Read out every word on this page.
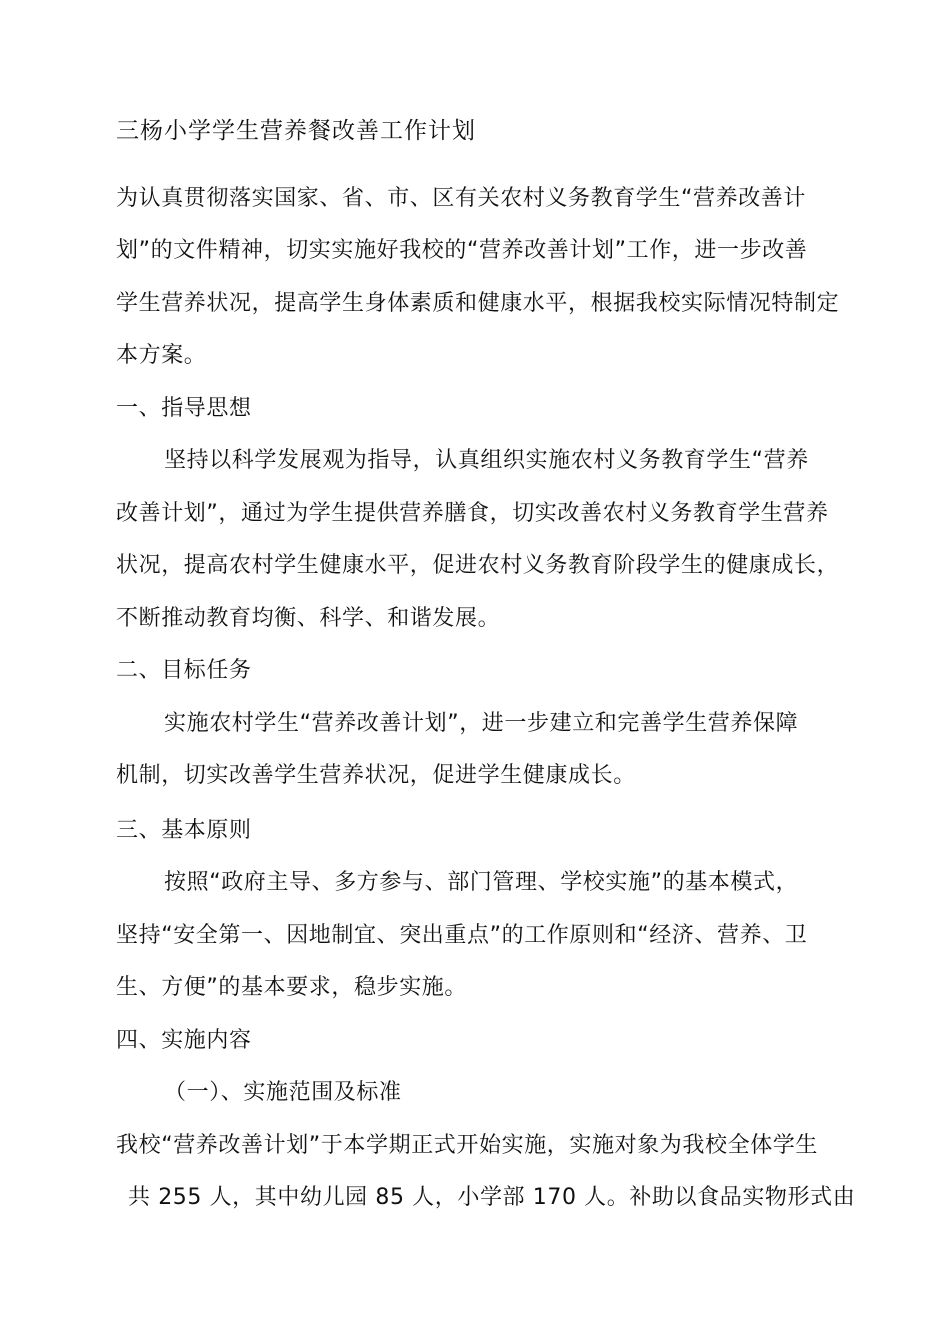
三杨小学学生营养餐改善工作计划
为认真贯彻落实国家、省、市、区有关农村义务教育学生“营养改善计
划”的文件精神，切实实施好我校的“营养改善计划”工作，进一步改善
学生营养状况，提高学生身体素质和健康水平，根据我校实际情况特制定
本方案。
一、指导思想
坚持以科学发展观为指导，认真组织实施农村义务教育学生“营养
改善计划”，通过为学生提供营养膳食，切实改善农村义务教育学生营养
状况，提高农村学生健康水平，促进农村义务教育阶段学生的健康成长，
不断推动教育均衡、科学、和谐发展。
二、目标任务
实施农村学生“营养改善计划”，进一步建立和完善学生营养保障
机制，切实改善学生营养状况，促进学生健康成长。
三、基本原则
按照“政府主导、多方参与、部门管理、学校实施”的基本模式，
坚持“安全第一、因地制宜、突出重点”的工作原则和“经济、营养、卫
生、方便”的基本要求，稳步实施。
四、实施内容
（一）、实施范围及标准
我校“营养改善计划”于本学期正式开始实施，实施对象为我校全体学生
共 255 人，其中幼儿园 85 人，小学部 170 人。补助以食品实物形式由
